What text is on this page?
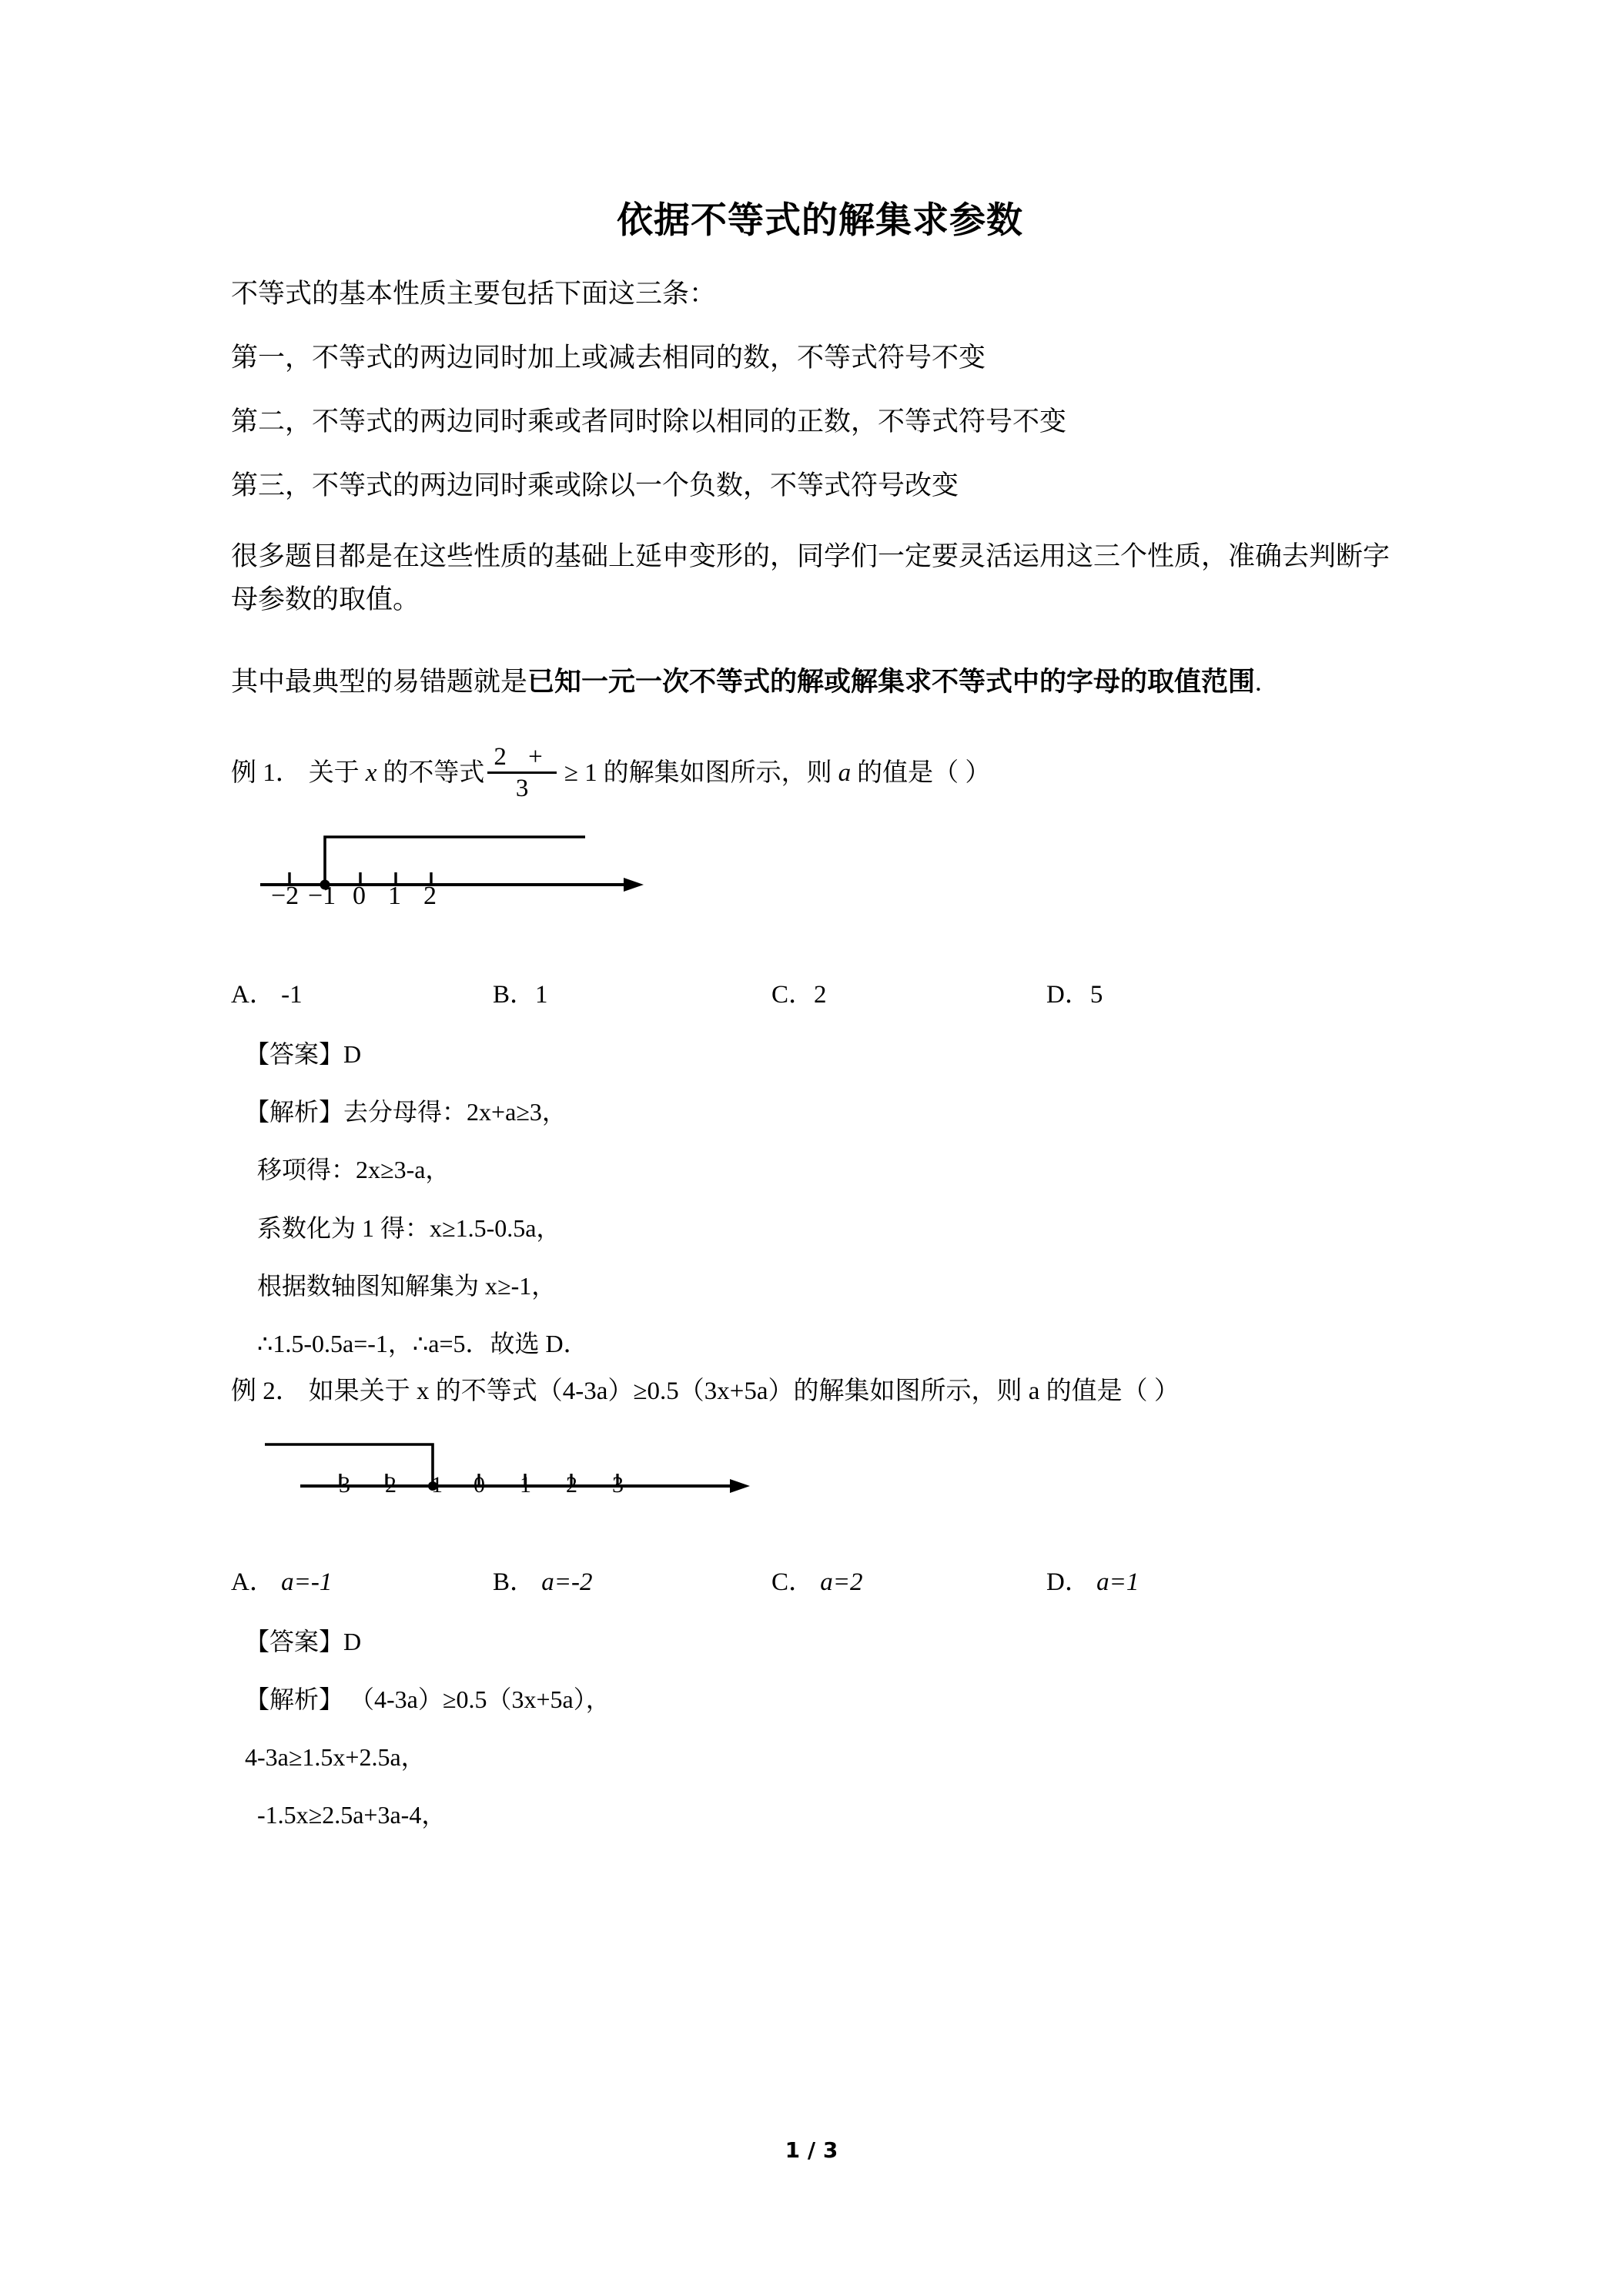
依据不等式的解集求参数

不等式的基本性质主要包括下面这三条：

第一，不等式的两边同时加上或减去相同的数，不等式符号不变

第二，不等式的两边同时乘或者同时除以相同的正数，不等式符号不变

第三，不等式的两边同时乘或除以一个负数，不等式符号改变

很多题目都是在这些性质的基础上延申变形的，同学们一定要灵活运用这三个性质，准确去判断字母参数的取值。

其中最典型的易错题就是已知一元一次不等式的解或解集求不等式中的字母的取值范围.

例 1． 关于 x 的不等式 $\frac{2 +}{3} \ge 1$ 的解集如图所示，则 a 的值是（ ）
−2 −1 0 1 2
A． ‑1	B．1	C．2	D．5

【答案】D

【解析】去分母得：2x+a≥3，

移项得：2x≥3‑a，

系数化为 1 得：x≥1.5‑0.5a，

根据数轴图知解集为 x≥‑1，

∴1.5‑0.5a=‑1，∴a=5．故选 D．

例 2． 如果关于 x 的不等式（4‑3a）≥0.5（3x+5a）的解集如图所示，则 a 的值是（ ）
-3 -2 -1 0 1 2 3
A． a=‑1	B． a=‑2	C． a=2	D． a=1

【答案】D

【解析】 （4‑3a）≥0.5（3x+5a），

4‑3a≥1.5x+2.5a，

‑1.5x≥2.5a+3a‑4，

1 / 3
